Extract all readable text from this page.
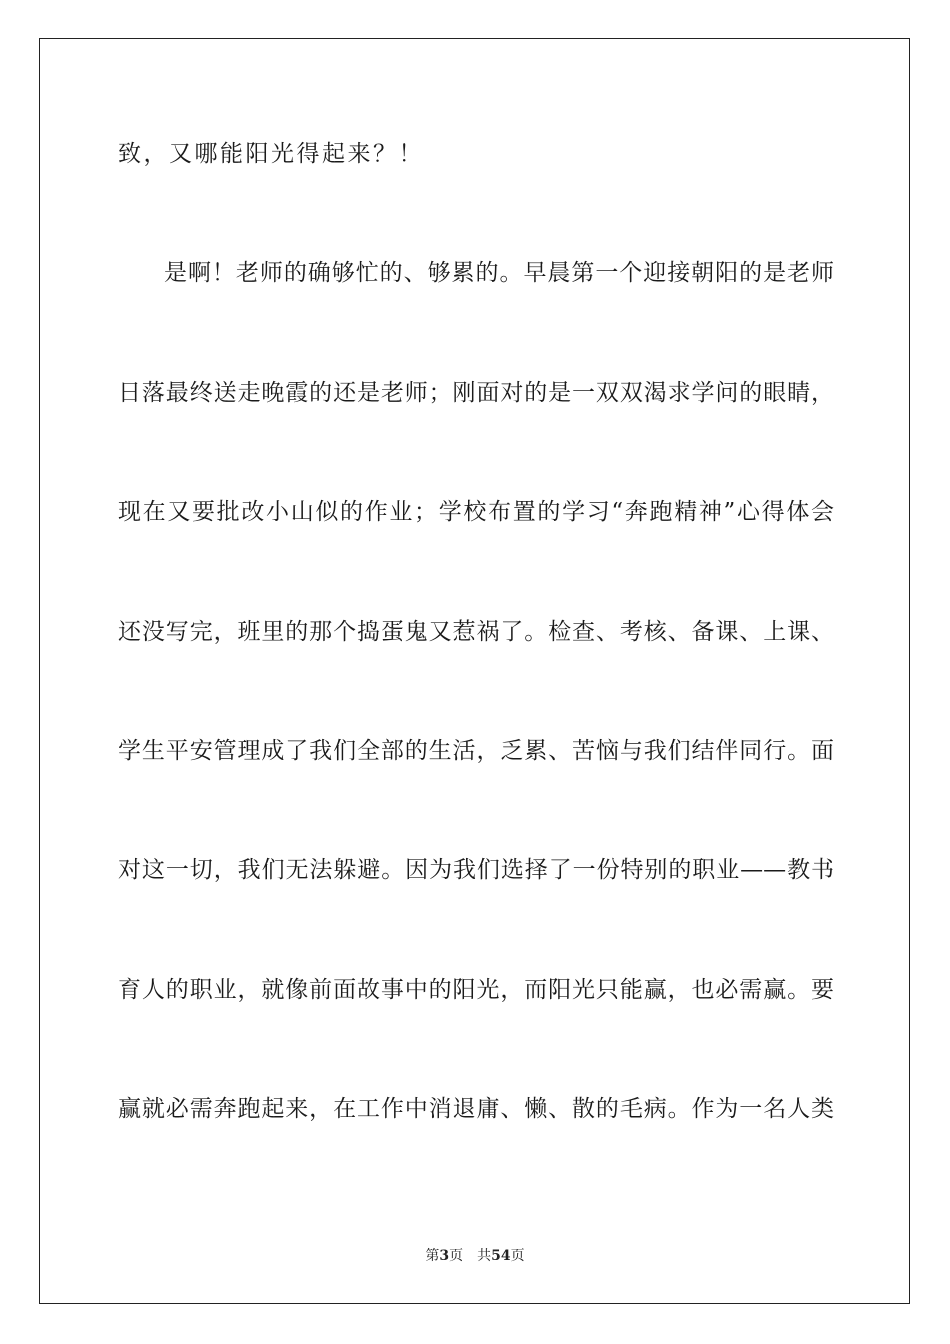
致，又哪能阳光得起来？！
是啊！老师的确够忙的、够累的。早晨第一个迎接朝阳的是老师
日落最终送走晚霞的还是老师；刚面对的是一双双渴求学问的眼睛，
现在又要批改小山似的作业；学校布置的学习“奔跑精神”心得体会
还没写完，班里的那个捣蛋鬼又惹祸了。检查、考核、备课、上课、
学生平安管理成了我们全部的生活，乏累、苦恼与我们结伴同行。面
对这一切，我们无法躲避。因为我们选择了一份特别的职业——教书
育人的职业，就像前面故事中的阳光，而阳光只能赢，也必需赢。要
赢就必需奔跑起来，在工作中消退庸、懒、散的毛病。作为一名人类
第3页 共54页
